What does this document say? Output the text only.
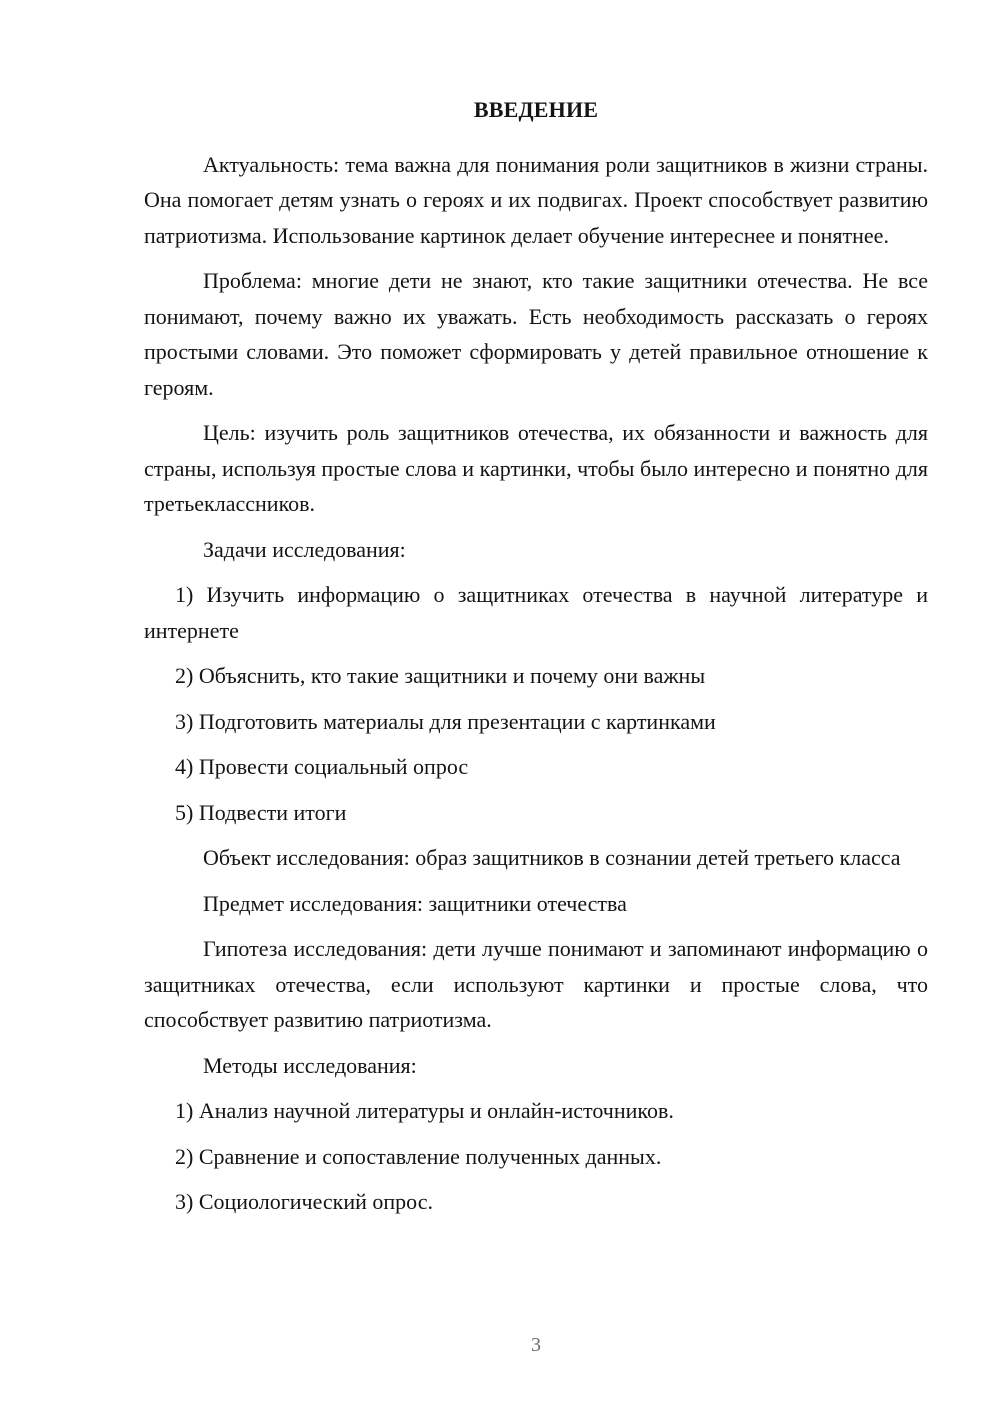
ВВЕДЕНИЕ

Актуальность: тема важна для понимания роли защитников в жизни страны. Она помогает детям узнать о героях и их подвигах. Проект способствует развитию патриотизма. Использование картинок делает обучение интереснее и понятнее.

Проблема: многие дети не знают, кто такие защитники отечества. Не все понимают, почему важно их уважать. Есть необходимость рассказать о героях простыми словами. Это поможет сформировать у детей правильное отношение к героям.

Цель: изучить роль защитников отечества, их обязанности и важность для страны, используя простые слова и картинки, чтобы было интересно и понятно для третьеклассников.

Задачи исследования:

1) Изучить информацию о защитниках отечества в научной литературе и интернете

2) Объяснить, кто такие защитники и почему они важны

3) Подготовить материалы для презентации с картинками

4) Провести социальный опрос

5) Подвести итоги

Объект исследования: образ защитников в сознании детей третьего класса

Предмет исследования: защитники отечества

Гипотеза исследования: дети лучше понимают и запоминают информацию о защитниках отечества, если используют картинки и простые слова, что способствует развитию патриотизма.

Методы исследования:

1) Анализ научной литературы и онлайн-источников.

2) Сравнение и сопоставление полученных данных.

3) Социологический опрос.

3
